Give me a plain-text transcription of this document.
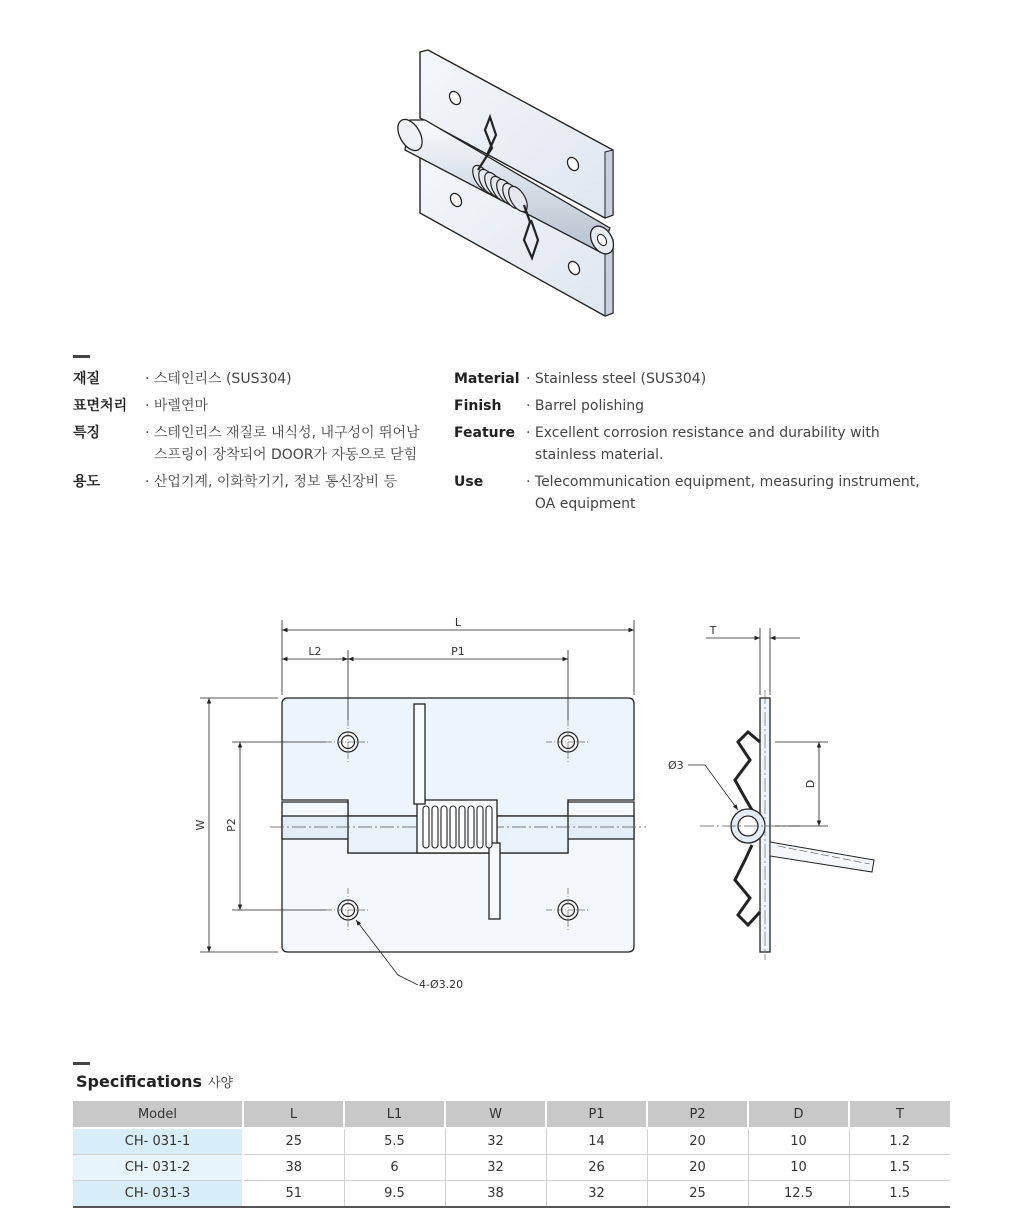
재질	· 스테인리스 (SUS304)
표면처리 · 바렐연마
특징	· 스테인리스 재질로 내식성, 내구성이 뛰어남
스프링이 장착되어 DOOR가 자동으로 닫힘
용도	· 산업기계, 이화학기기, 정보 통신장비 등
Material · Stainless steel (SUS304)
Finish · Barrel polishing
Feature · Excellent corrosion resistance and durability with
stainless material.
Use	· Telecommunication equipment, measuring instrument,
OA equipment
L
L2	P1
W P2
4-Ø3.20
T
D
Ø3
Specifications 사양
Model	L	L1	W	P1	P2	D	T
CH- 031-1	25	5.5	32	14	20	10	1.2
CH- 031-2	38	6	32	26	20	10	1.5
CH- 031-3	51	9.5	38	32	25	12.5	1.5
